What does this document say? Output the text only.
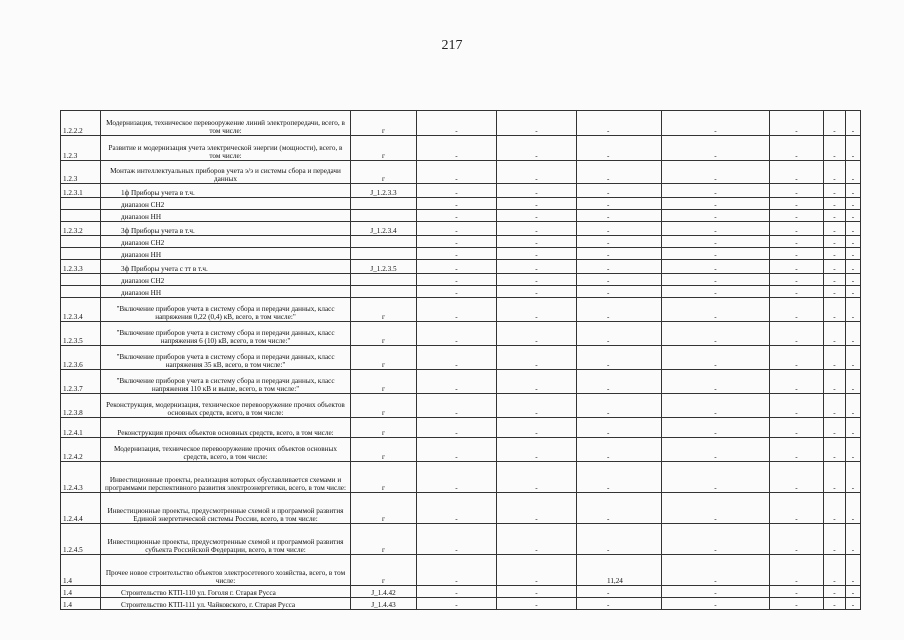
217
1.2.2.2	Модернизация, техническое перевооружение линий электропередачи, всего, в том числе:	г	-	-	-	-	-	-	-
1.2.3	Развитие и модернизация учета электрической энергии (мощности), всего, в том числе:	г	-	-	-	-	-	-	-
1.2.3	Монтаж интеллектуальных приборов учета э/э и системы сбора и передачи данных	г	-	-	-	-	-	-	-
1.2.3.1	1ф Приборы учета в т.ч.	J_1.2.3.3	-	-	-	-	-	-	-
	диапазон СН2		-	-	-	-	-	-	-
	диапазон НН		-	-	-	-	-	-	-
1.2.3.2	3ф Приборы учета в т.ч.	J_1.2.3.4	-	-	-	-	-	-	-
	диапазон СН2		-	-	-	-	-	-	-
	диапазон НН		-	-	-	-	-	-	-
1.2.3.3	3ф Приборы учета с тт в т.ч.	J_1.2.3.5	-	-	-	-	-	-	-
	диапазон СН2		-	-	-	-	-	-	-
	диапазон НН		-	-	-	-	-	-	-
1.2.3.4	"Включение приборов учета в систему сбора и передачи данных, класс напряжения 0,22 (0,4) кВ, всего, в том числе:"	г	-	-	-	-	-	-	-
1.2.3.5	"Включение приборов учета в систему сбора и передачи данных, класс напряжения 6 (10) кВ, всего, в том числе:"	г	-	-	-	-	-	-	-
1.2.3.6	"Включение приборов учета в систему сбора и передачи данных, класс напряжения 35 кВ, всего, в том числе:"	г	-	-	-	-	-	-	-
1.2.3.7	"Включение приборов учета в систему сбора и передачи данных, класс напряжения 110 кВ и выше, всего, в том числе:"	г	-	-	-	-	-	-	-
1.2.3.8	Реконструкция, модернизация, техническое перевооружение прочих объектов основных средств, всего, в том числе:	г	-	-	-	-	-	-	-
1.2.4.1	Реконструкция прочих объектов основных средств, всего, в том числе:	г	-	-	-	-	-	-	-
1.2.4.2	Модернизация, техническое перевооружение прочих объектов основных средств, всего, в том числе:	г	-	-	-	-	-	-	-
1.2.4.3	Инвестиционные проекты, реализация которых обуславливается схемами и программами перспективного развития электроэнергетики, всего, в том числе:	г	-	-	-	-	-	-	-
1.2.4.4	Инвестиционные проекты, предусмотренные схемой и программой развития Единой энергетической системы России, всего, в том числе:	г	-	-	-	-	-	-	-
1.2.4.5	Инвестиционные проекты, предусмотренные схемой и программой развития субъекта Российской Федерации, всего, в том числе:	г	-	-	-	-	-	-	-
1.4	Прочее новое строительство объектов электросетевого хозяйства, всего, в том числе:	г	-	-	11,24	-	-	-	-
1.4	Строительство КТП-110 ул. Гоголя г. Старая Русса	J_1.4.42	-	-	-	-	-	-	-
1.4	Строительство КТП-111 ул. Чайковского, г. Старая Русса	J_1.4.43	-	-	-	-	-	-	-
